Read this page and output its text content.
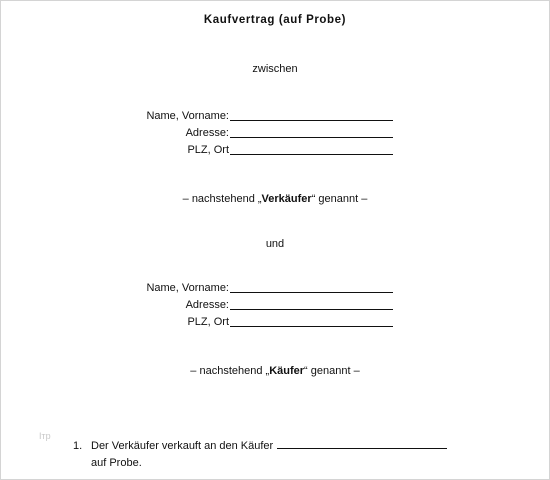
Kaufvertrag (auf Probe)
zwischen
Name, Vorname:
Adresse:
PLZ, Ort
– nachstehend „Verkäufer“ genannt –
und
Name, Vorname:
Adresse:
PLZ, Ort
– nachstehend „Käufer“ genannt –
Ітр
1. Der Verkäufer verkauft an den Käufer
auf Probe.
